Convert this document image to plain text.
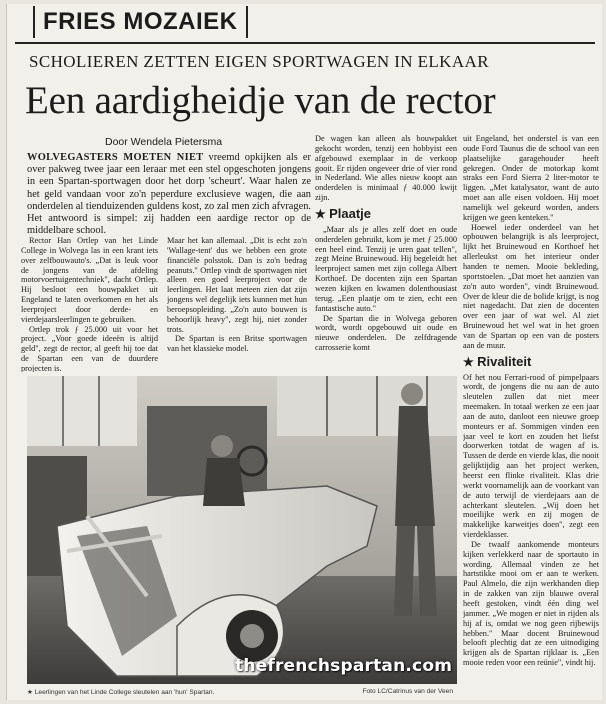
FRIES MOZAIEK
SCHOLIEREN ZETTEN EIGEN SPORTWAGEN IN ELKAAR
Een aardigheidje van de rector
Door Wendela Pietersma
WOLVEGASTERS MOETEN NIET vreemd opkijken als er over pakweg twee jaar een leraar met een stel opgeschoten jongens in een Spartan-sportwagen door het dorp 'scheurt'. Waar halen ze het geld vandaan voor zo'n peperdure exclusieve wagen, die aan onderdelen al tienduizenden guldens kost, zo zal men zich afvragen. Het antwoord is simpel: zij hadden een aardige rector op de middelbare school.

Rector Han Ortlep van het Linde College in Wolvega las in een krant iets over zelfbouwauto's. „Dat is leuk voor de jongens van de afdeling motorvoertuigentechniek", dacht Ortlep. Hij besloot een bouwpakket uit Engeland te laten overkomen en het als leerproject door derde- en vierdejaarsleerlingen te gebruiken.

Ortlep trok ƒ 25.000 uit voor het project. „Voor goede ideeën is altijd geld", zegt de rector, al geeft hij toe dat de Spartan een van de duurdere projecten is.

Maar het kan allemaal. „Dit is echt zo'n 'Wallage-tent' dus we hebben een grote financiële polsstok. Dan is zo'n bedrag peanuts." Ortlep vindt de sportwagen niet alleen een goed leerproject voor de leerlingen. Het laat meteen zien dat zijn jongens wel degelijk iets kunnen met hun beroepsopleiding. „Zo'n auto bouwen is behoorlijk heavy", zegt hij, niet zonder trots.

De Spartan is een Britse sportwagen van het klassieke model.

De wagen kan alleen als bouwpakket gekocht worden, tenzij een hobbyist een afgebouwd exemplaar in de verkoop gooit. Er rijden ongeveer drie of vier rond in Nederland. Wie alles nieuw koopt aan onderdelen is minimaal ƒ 40.000 kwijt zijn.

★ Plaatje

„Maar als je alles zelf doet en oude onderdelen gebruikt, kom je met ƒ 25.000 een heel eind. Tenzij je uren gaat tellen", zegt Meine Bruinewoud. Hij begeleidt het leerproject samen met zijn collega Albert Korthoef. De docenten zijn een Spartan wezen kijken en kwamen dolenthousiast terug. „Een plaatje om te zien, echt een fantastische auto."

De Spartan die in Wolvega geboren wordt, wordt opgebouwd uit oude en nieuwe onderdelen. De zelfdragende carrosserie komt

uit Engeland, het onderstel is van een oude Ford Taunus die de school van een plaatselijke garagehouder heeft gekregen. Onder de motorkap komt straks een Ford Sierra 2 liter-motor te liggen. „Met katalysator, want de auto moet aan alle eisen voldoen. Hij moet namelijk wel gekeurd worden, anders krijgen we geen kenteken."

Hoewel ieder onderdeel van het opbouwen belangrijk is als leerproject, lijkt het Bruinewoud en Korthoef het allerleukst om het interieur onder handen te nemen. Mooie bekleding, sportstoelen. „Dat moet het aanzien van zo'n auto worden", vindt Bruinewoud. Over de kleur die de bolide krijgt, is nog niet nagedacht. Dat zien de docenten over een jaar of wat wel. Al ziet Bruinewoud het wel wat in het groen van de Spartan op een van de posters aan de muur.

★ Rivaliteit

Of het nou Ferrari-rood of pimpelpaars wordt, de jongens die nu aan de auto sleutelen zullen dat niet meer meemaken. In totaal werken ze een jaar aan de auto, danloot een nieuwe groep monteurs er af. Sommigen vinden een jaar veel te kort en zouden het liefst doorwerken totdat de wagen af is. Tussen de derde en vierde klas, die nooit gelijktijdig aan het project werken, heerst een flinke rivaliteit. Klas drie werkt voornamelijk aan de voorkant van de auto terwijl de vierdejaars aan de achterkant sleutelen. „Wij doen het moeilijke werk en zij mogen de makkelijke karweitjes doen", zegt een vierdeklasser.

De twaalf aankomende monteurs kijken verlekkerd naar de sportauto in wording. Allemaal vinden ze het hartstikke mooi om er aan te werken. Paul Almelo, die zijn werkhanden diep in de zakken van zijn blauwe overal heeft gestoken, vindt één ding wel jammer. „We mogen er niet in rijden als hij af is, omdat we nog geen rijbewijs hebben." Maar docent Bruinewoud belooft plechtig dat ze een uitnodiging krijgen als de Spartan rijklaar is. „Een mooie reden voor een reünie", vindt hij.

★ Leerlingen van het Linde College sleutelen aan 'hun' Spartan.	Foto LC/Catrinus van der Veen
thefrenchspartan.com
